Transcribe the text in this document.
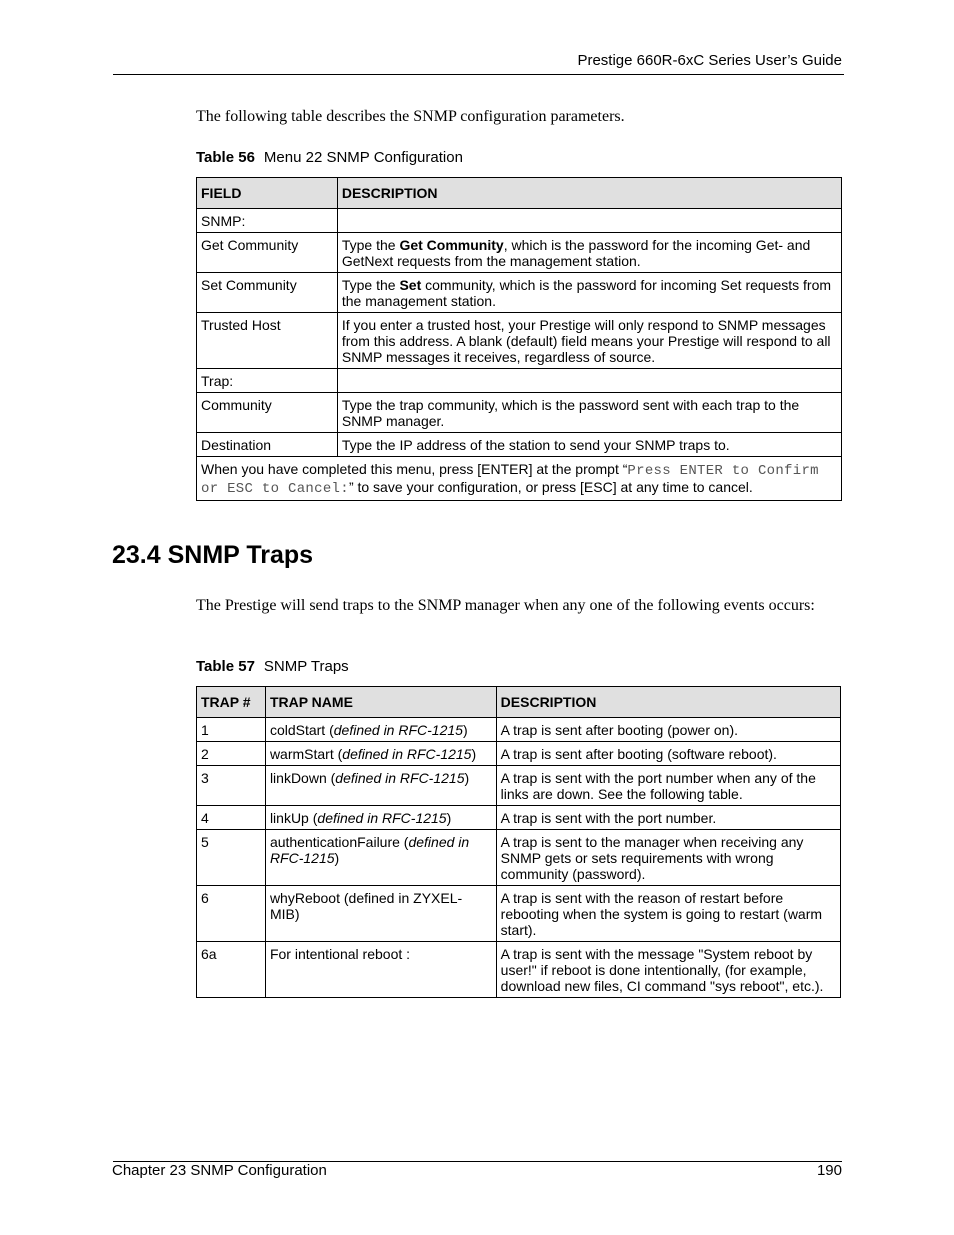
Prestige 660R-6xC Series User’s Guide
The following table describes the SNMP configuration parameters.
Table 56 Menu 22 SNMP Configuration
FIELD	DESCRIPTION
SNMP:	
Get Community	Type the Get Community, which is the password for the incoming Get- and GetNext requests from the management station.
Set Community	Type the Set community, which is the password for incoming Set requests from the management station.
Trusted Host	If you enter a trusted host, your Prestige will only respond to SNMP messages from this address. A blank (default) field means your Prestige will respond to all SNMP messages it receives, regardless of source.
Trap:	
Community	Type the trap community, which is the password sent with each trap to the SNMP manager.
Destination	Type the IP address of the station to send your SNMP traps to.
When you have completed this menu, press [ENTER] at the prompt “Press ENTER to Confirm or ESC to Cancel:” to save your configuration, or press [ESC] at any time to cancel.	
23.4 SNMP Traps
The Prestige will send traps to the SNMP manager when any one of the following events occurs:
Table 57 SNMP Traps
TRAP #	TRAP NAME	DESCRIPTION
1	coldStart (defined in RFC-1215)	A trap is sent after booting (power on).
2	warmStart (defined in RFC-1215)	A trap is sent after booting (software reboot).
3	linkDown (defined in RFC-1215)	A trap is sent with the port number when any of the links are down. See the following table.
4	linkUp (defined in RFC-1215)	A trap is sent with the port number.
5	authenticationFailure (defined in RFC-1215)	A trap is sent to the manager when receiving any SNMP gets or sets requirements with wrong community (password).
6	whyReboot (defined in ZYXEL-MIB)	A trap is sent with the reason of restart before rebooting when the system is going to restart (warm start).
6a	For intentional reboot :	A trap is sent with the message "System reboot by user!" if reboot is done intentionally, (for example, download new files, CI command "sys reboot", etc.).
Chapter 23 SNMP Configuration	190
